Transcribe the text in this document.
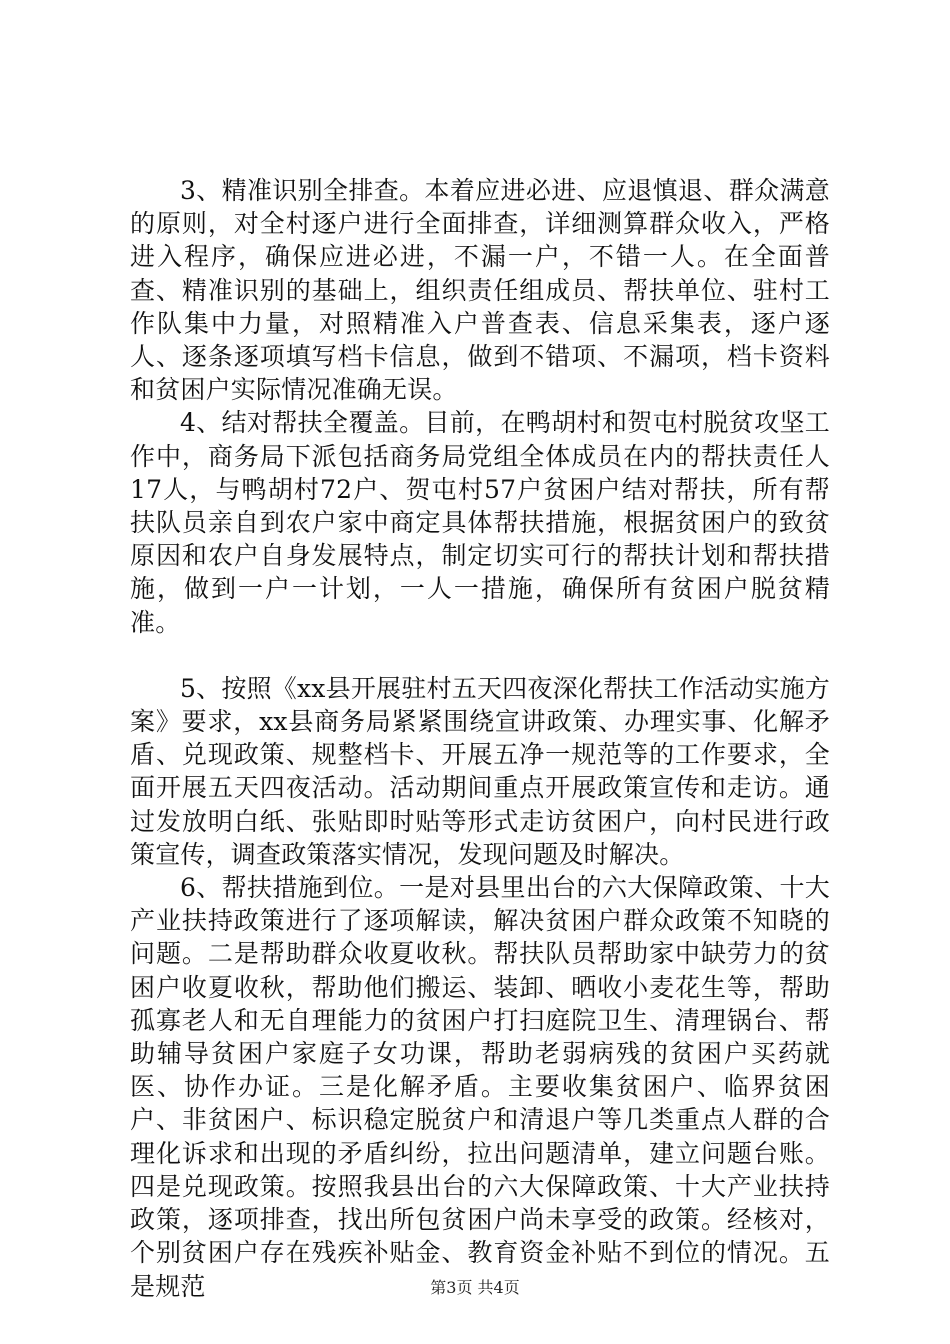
3、精准识别全排查。本着应进必进、应退慎退、群众满意的原则，对全村逐户进行全面排查，详细测算群众收入，严格进入程序，确保应进必进，不漏一户，不错一人。在全面普查、精准识别的基础上，组织责任组成员、帮扶单位、驻村工作队集中力量，对照精准入户普查表、信息采集表，逐户逐人、逐条逐项填写档卡信息，做到不错项、不漏项，档卡资料和贫困户实际情况准确无误。

4、结对帮扶全覆盖。目前，在鸭胡村和贺屯村脱贫攻坚工作中，商务局下派包括商务局党组全体成员在内的帮扶责任人17人，与鸭胡村72户、贺屯村57户贫困户结对帮扶，所有帮扶队员亲自到农户家中商定具体帮扶措施，根据贫困户的致贫原因和农户自身发展特点，制定切实可行的帮扶计划和帮扶措施，做到一户一计划，一人一措施，确保所有贫困户脱贫精准。

5、按照《xx县开展驻村五天四夜深化帮扶工作活动实施方案》要求，xx县商务局紧紧围绕宣讲政策、办理实事、化解矛盾、兑现政策、规整档卡、开展五净一规范等的工作要求，全面开展五天四夜活动。活动期间重点开展政策宣传和走访。通过发放明白纸、张贴即时贴等形式走访贫困户，向村民进行政策宣传，调查政策落实情况，发现问题及时解决。

6、帮扶措施到位。一是对县里出台的六大保障政策、十大产业扶持政策进行了逐项解读，解决贫困户群众政策不知晓的问题。二是帮助群众收夏收秋。帮扶队员帮助家中缺劳力的贫困户收夏收秋，帮助他们搬运、装卸、晒收小麦花生等，帮助孤寡老人和无自理能力的贫困户打扫庭院卫生、清理锅台、帮助辅导贫困户家庭子女功课，帮助老弱病残的贫困户买药就医、协作办证。三是化解矛盾。主要收集贫困户、临界贫困户、非贫困户、标识稳定脱贫户和清退户等几类重点人群的合理化诉求和出现的矛盾纠纷，拉出问题清单，建立问题台账。四是兑现政策。按照我县出台的六大保障政策、十大产业扶持政策，逐项排查，找出所包贫困户尚未享受的政策。经核对，个别贫困户存在残疾补贴金、教育资金补贴不到位的情况。五是规范	第3页 共4页
